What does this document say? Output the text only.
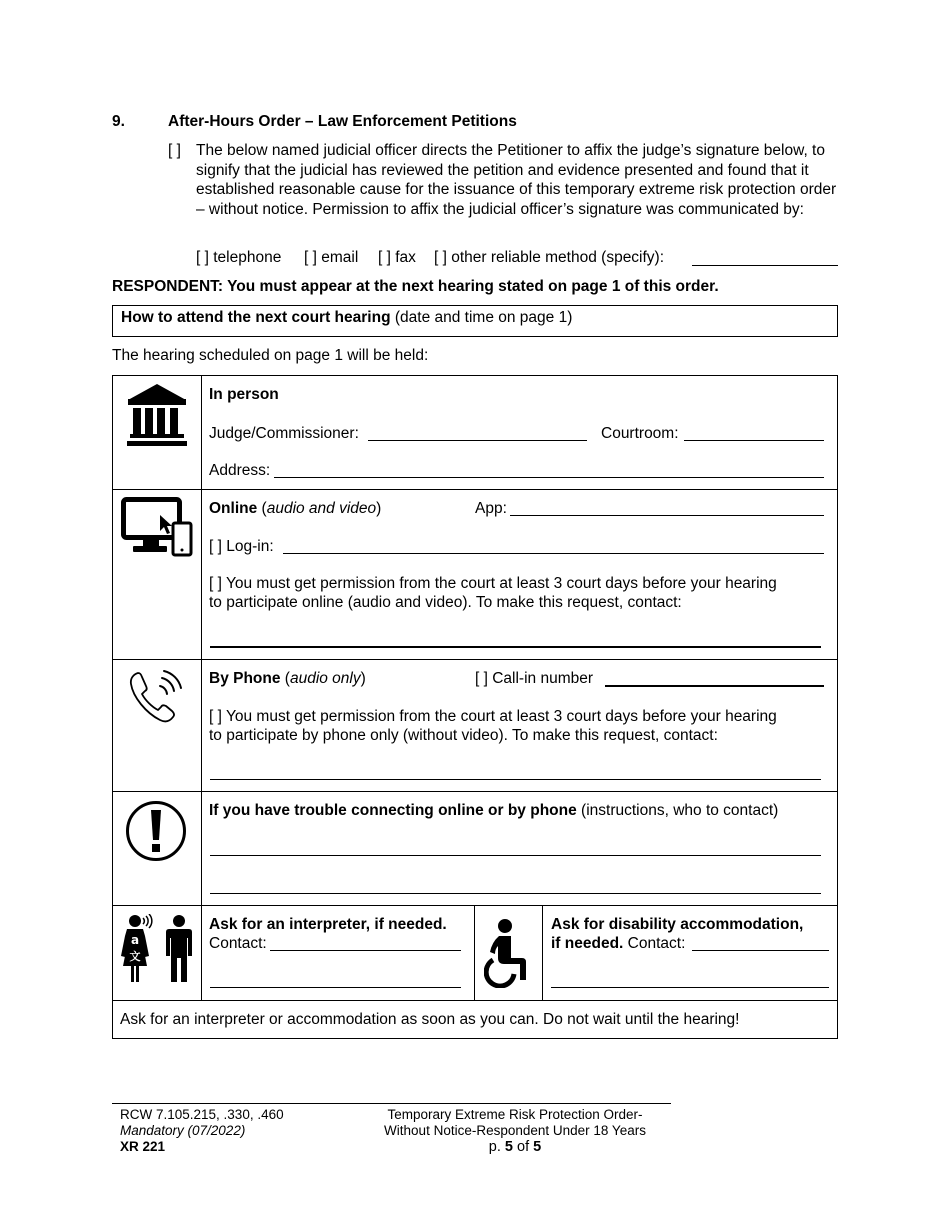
9.	After-Hours Order – Law Enforcement Petitions
[ ] The below named judicial officer directs the Petitioner to affix the judge’s signature below, to signify that the judicial has reviewed the petition and evidence presented and found that it established reasonable cause for the issuance of this temporary extreme risk protection order – without notice. Permission to affix the judicial officer’s signature was communicated by:
[ ] telephone [ ] email [ ] fax [ ] other reliable method (specify):
RESPONDENT: You must appear at the next hearing stated on page 1 of this order.
How to attend the next court hearing (date and time on page 1)
The hearing scheduled on page 1 will be held:
In person
Judge/Commissioner:	Courtroom:
Address:
Online (audio and video)	App:
[ ] Log-in:
[ ] You must get permission from the court at least 3 court days before your hearing
to participate online (audio and video). To make this request, contact:
By Phone (audio only)	[ ] Call-in number
[ ] You must get permission from the court at least 3 court days before your hearing
to participate by phone only (without video). To make this request, contact:
If you have trouble connecting online or by phone (instructions, who to contact)
a
文
Ask for an interpreter, if needed.
Contact:
Ask for disability accommodation,
if needed. Contact:
Ask for an interpreter or accommodation as soon as you can. Do not wait until the hearing!
RCW 7.105.215, .330, .460
Mandatory (07/2022)
XR 221
Temporary Extreme Risk Protection Order-
Without Notice-Respondent Under 18 Years
p. 5 of 5
